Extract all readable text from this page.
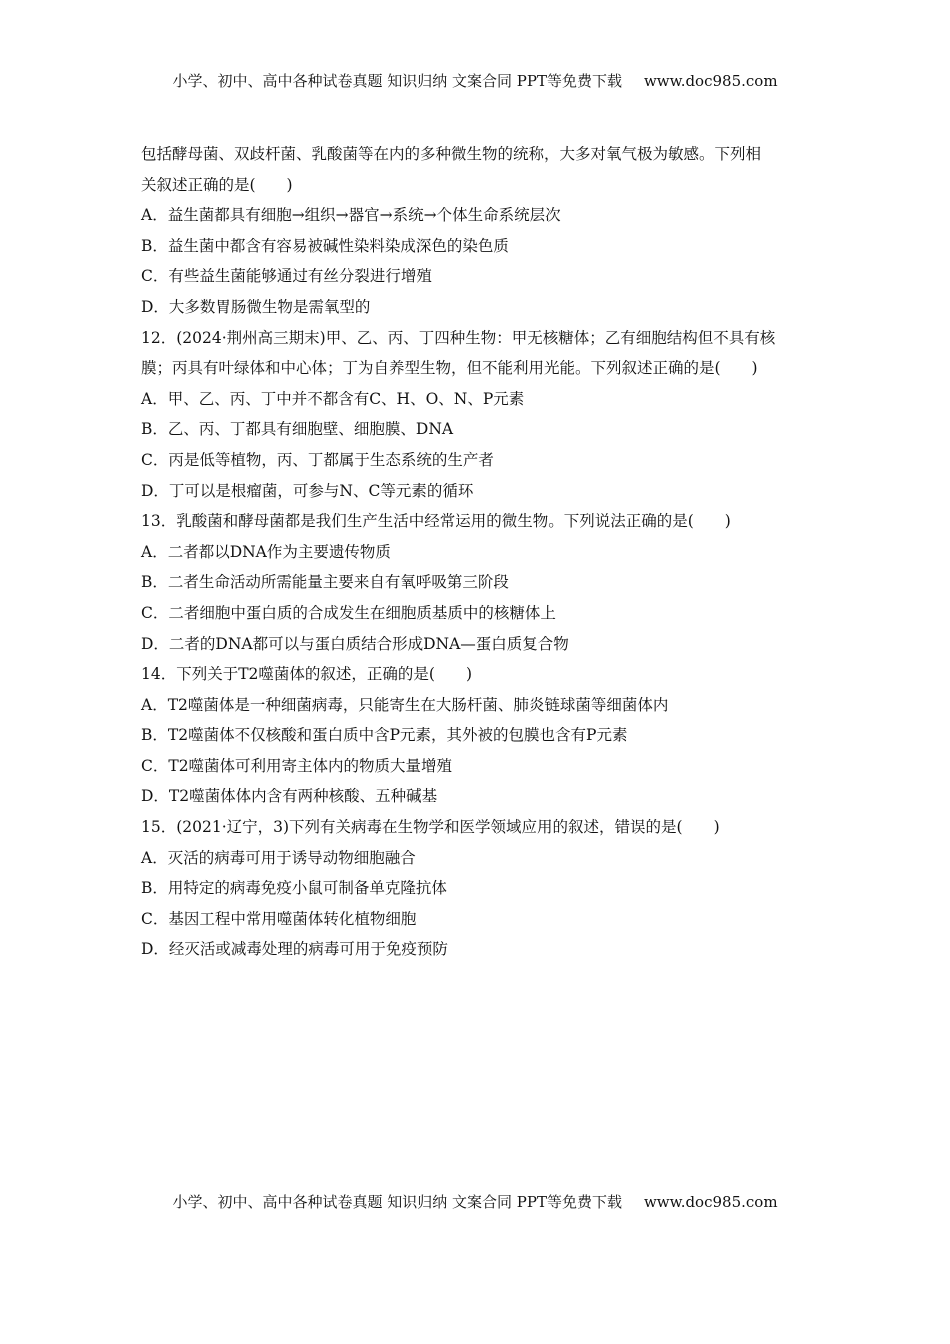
小学、初中、高中各种试卷真题 知识归纳 文案合同 PPT等免费下载 www.doc985.com
包括酵母菌、双歧杆菌、乳酸菌等在内的多种微生物的统称，大多对氧气极为敏感。下列相
关叙述正确的是(　　)
A．益生菌都具有细胞→组织→器官→系统→个体生命系统层次
B．益生菌中都含有容易被碱性染料染成深色的染色质
C．有些益生菌能够通过有丝分裂进行增殖
D．大多数胃肠微生物是需氧型的
12．(2024·荆州高三期末)甲、乙、丙、丁四种生物：甲无核糖体；乙有细胞结构但不具有核
膜；丙具有叶绿体和中心体；丁为自养型生物，但不能利用光能。下列叙述正确的是(　　)
A．甲、乙、丙、丁中并不都含有C、H、O、N、P元素
B．乙、丙、丁都具有细胞壁、细胞膜、DNA
C．丙是低等植物，丙、丁都属于生态系统的生产者
D．丁可以是根瘤菌，可参与N、C等元素的循环
13．乳酸菌和酵母菌都是我们生产生活中经常运用的微生物。下列说法正确的是(　　)
A．二者都以DNA作为主要遗传物质
B．二者生命活动所需能量主要来自有氧呼吸第三阶段
C．二者细胞中蛋白质的合成发生在细胞质基质中的核糖体上
D．二者的DNA都可以与蛋白质结合形成DNA—蛋白质复合物
14．下列关于T2噬菌体的叙述，正确的是(　　)
A．T2噬菌体是一种细菌病毒，只能寄生在大肠杆菌、肺炎链球菌等细菌体内
B．T2噬菌体不仅核酸和蛋白质中含P元素，其外被的包膜也含有P元素
C．T2噬菌体可利用寄主体内的物质大量增殖
D．T2噬菌体体内含有两种核酸、五种碱基
15．(2021·辽宁，3)下列有关病毒在生物学和医学领域应用的叙述，错误的是(　　)
A．灭活的病毒可用于诱导动物细胞融合
B．用特定的病毒免疫小鼠可制备单克隆抗体
C．基因工程中常用噬菌体转化植物细胞
D．经灭活或减毒处理的病毒可用于免疫预防
小学、初中、高中各种试卷真题 知识归纳 文案合同 PPT等免费下载 www.doc985.com
